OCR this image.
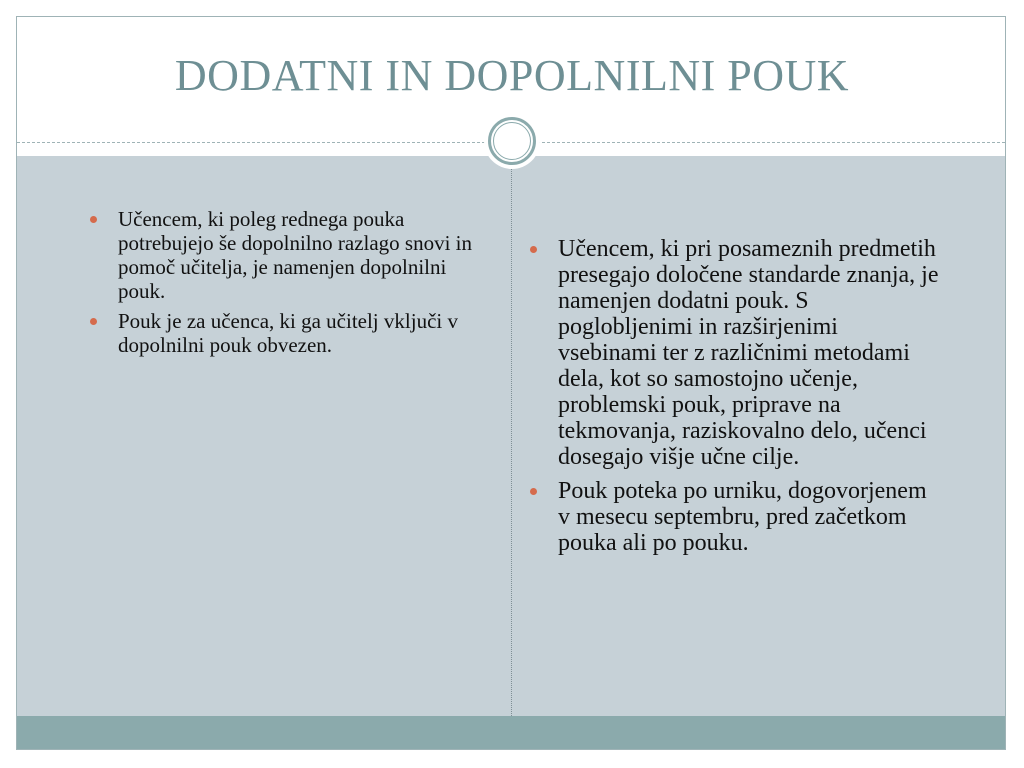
DODATNI IN DOPOLNILNI POUK
Učencem, ki poleg rednega pouka potrebujejo še dopolnilno razlago snovi in pomoč učitelja, je namenjen dopolnilni pouk.
Pouk je za učenca, ki ga učitelj vključi v dopolnilni pouk obvezen.
Učencem, ki pri posameznih predmetih presegajo določene standarde znanja, je namenjen dodatni pouk. S poglobljenimi in razširjenimi vsebinami ter z različnimi metodami dela, kot so samostojno učenje, problemski pouk, priprave na tekmovanja, raziskovalno delo, učenci dosegajo višje učne cilje.
Pouk poteka po urniku, dogovorjenem v mesecu septembru, pred začetkom pouka ali po pouku.
